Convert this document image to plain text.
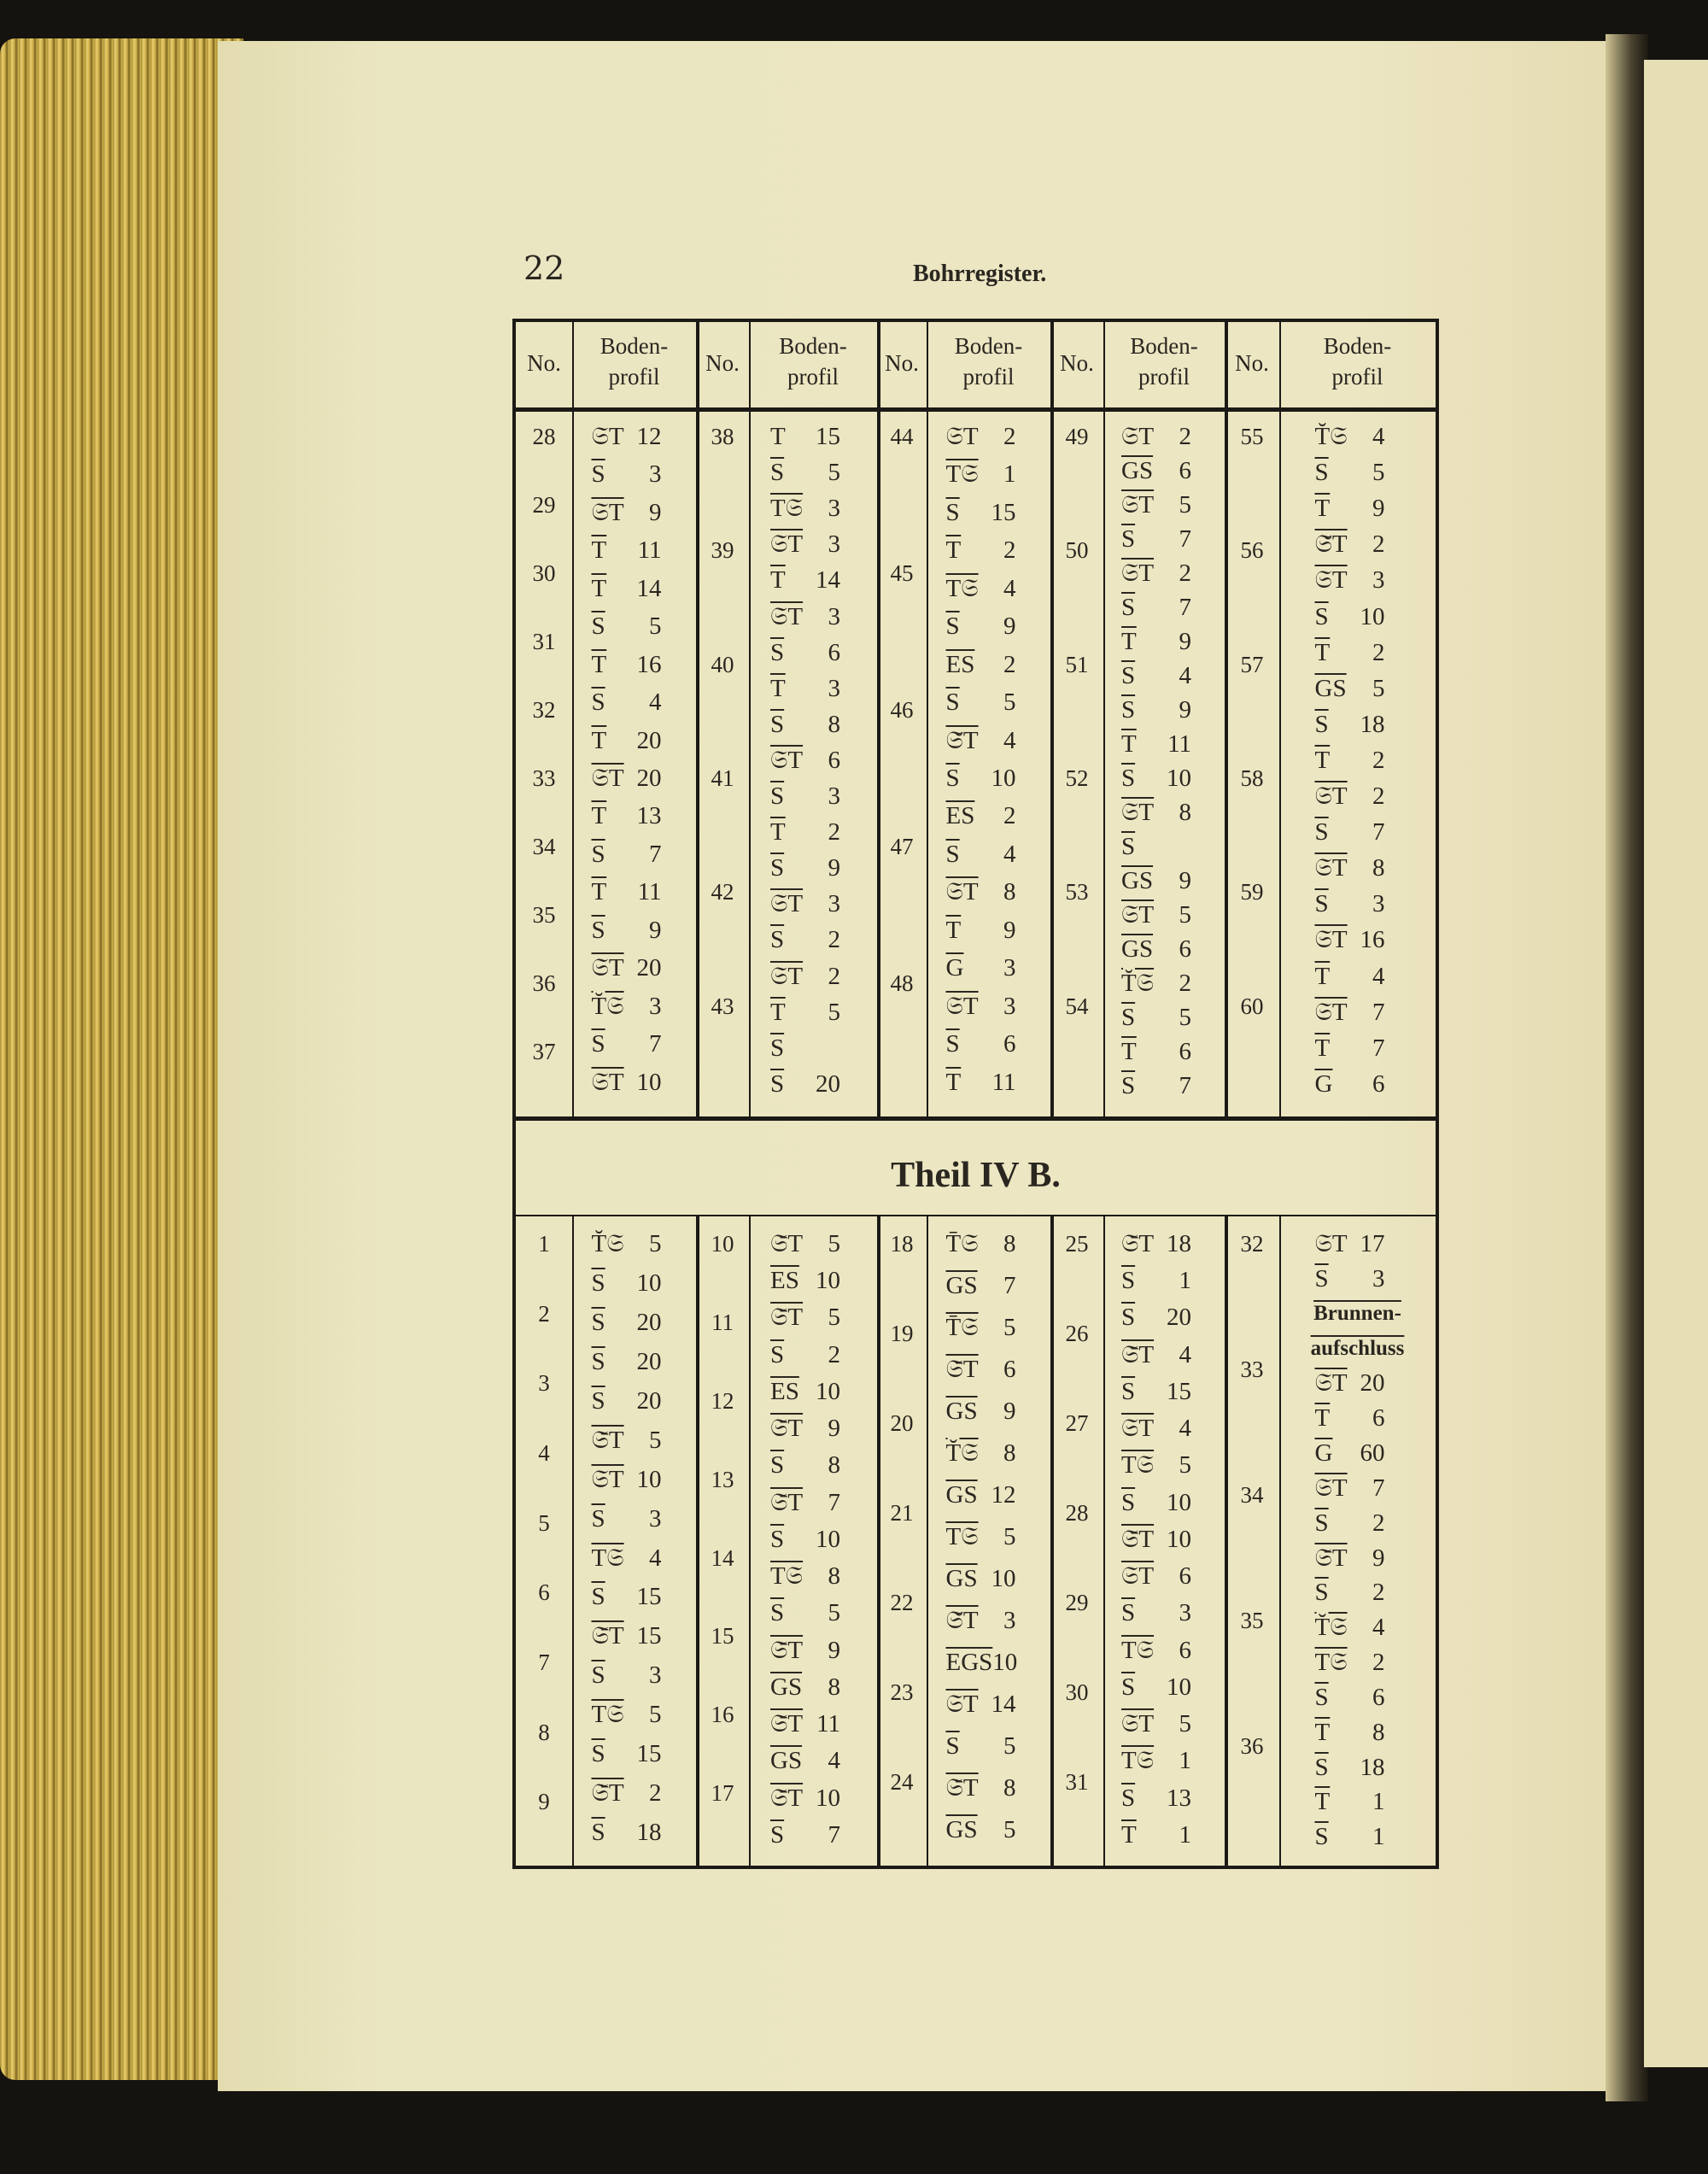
22	Bohrregister.
No.
Boden-
profil
No.
Boden-
profil
No.
Boden-
profil
No.
Boden-
profil
No.
Boden-
profil
28
29
30
31
32
33
34
35
36
37
𝔖T 12
$\overline{S}$ 3
𝔖T 9
$\overline{T}$ 11
$\overline{T}$ 14
$\overline{S}$ 5
$\overline{T}$ 16
$\overline{S}$ 4
$\overline{T}$ 20
𝔖T 20
$\overline{T}$ 13
$\overline{S}$ 7
$\overline{T}$ 11
$\overline{S}$ 9
𝔖T 20
T̆𝔖 3
$\overline{S}$ 7
𝔖T 10
38
39
40
41
42
43
T 15
$\overline{S}$ 5
T𝔖 3
𝔖T 3
$\overline{T}$ 14
𝔖T 3
$\overline{S}$ 6
$\overline{T}$ 3
$\overline{S}$ 8
𝔖T 6
$\overline{S}$ 3
$\overline{T}$ 2
$\overline{S}$ 9
𝔖T 3
$\overline{S}$ 2
𝔖T 2
$\overline{T}$ 5
$\overline{S}$
$\overline{S}$ 20
44
45
46
47
48
𝔖T 2
T𝔖 1
$\overline{S}$ 15
$\overline{T}$ 2
T𝔖 4
$\overline{S}$ 9
$\overline{ES}$ 2
$\overline{S}$ 5
𝔖̆T 4
$\overline{S}$ 10
$\overline{ES}$ 2
$\overline{S}$ 4
𝔖T 8
$\overline{T}$ 9
$\overline{G}$ 3
𝔖T 3
$\overline{S}$ 6
$\overline{T}$ 11
49
50
51
52
53
54
𝔖T 2
$\overline{GS}$ 6
𝔖T 5
$\overline{S}$ 7
𝔖T 2
$\overline{S}$ 7
$\overline{T}$ 9
$\overline{S}$ 4
$\overline{S}$ 9
$\overline{T}$ 11
$\overline{S}$ 10
𝔖T 8
$\overline{S}$
$\overline{GS}$ 9
𝔖T 5
$\overline{GS}$ 6
T̆𝔖 2
$\overline{S}$ 5
$\overline{T}$ 6
$\overline{S}$ 7
55
56
57
58
59
60
T̆𝔖 4
$\overline{S}$ 5
$\overline{T}$ 9
𝔖̆T 2
𝔖T 3
$\overline{S}$ 10
$\overline{T}$ 2
$\overline{GS}$ 5
$\overline{S}$ 18
$\overline{T}$ 2
𝔖T 2
$\overline{S}$ 7
𝔖T 8
$\overline{S}$ 3
𝔖T 16
$\overline{T}$ 4
𝔖T 7
$\overline{T}$ 7
$\overline{G}$ 6
Theil IV B.
1
2
3
4
5
6
7
8
9
T̆𝔖 5
$\overline{S}$ 10
$\overline{S}$ 20
$\overline{S}$ 20
$\overline{S}$ 20
𝔖̄T 5
𝔖T 10
$\overline{S}$ 3
T𝔖 4
$\overline{S}$ 15
𝔖̄T 15
$\overline{S}$ 3
T𝔖 5
$\overline{S}$ 15
𝔖̄T 2
$\overline{S}$ 18
10
11
12
13
14
15
16
17
𝔖̄T 5
$\overline{ES}$ 10
𝔖̄T 5
$\overline{S}$ 2
$\overline{ES}$ 10
𝔖̄T 9
$\overline{S}$ 8
𝔖̄T 7
$\overline{S}$ 10
T𝔖 8
$\overline{S}$ 5
𝔖̄T 9
$\overline{GS}$ 8
𝔖̄T 11
$\overline{GS}$ 4
𝔖̄T 10
$\overline{S}$ 7
18
19
20
21
22
23
24
T̄𝔖 8
$\overline{GS}$ 7
T̄𝔖 5
𝔖̄T 6
$\overline{GS}$ 9
T̆𝔖 8
$\overline{GS}$ 12
T𝔖 5
$\overline{GS}$ 10
𝔖̆T 3
$\overline{EGS}$ 10
𝔖T 14
$\overline{S}$ 5
𝔖̄T 8
$\overline{GS}$ 5
25
26
27
28
29
30
31
𝔖̄T 18
$\overline{S}$ 1
$\overline{S}$ 20
𝔖̄T 4
$\overline{S}$ 15
𝔖T 4
T𝔖 5
$\overline{S}$ 10
𝔖̄T 10
𝔖T 6
$\overline{S}$ 3
T𝔖 6
$\overline{S}$ 10
𝔖T 5
T𝔖 1
$\overline{S}$ 13
$\overline{T}$ 1
32
33
34
35
36
𝔖T 17
$\overline{S}$ 3
Brunnen-
aufschluss
𝔖T 20
$\overline{T}$ 6
$\overline{G}$ 60
𝔖T 7
$\overline{S}$ 2
𝔖̄T 9
$\overline{S}$ 2
T̆𝔖 4
T𝔖 2
$\overline{S}$ 6
$\overline{T}$ 8
$\overline{S}$ 18
$\overline{T}$ 1
$\overline{S}$ 1
